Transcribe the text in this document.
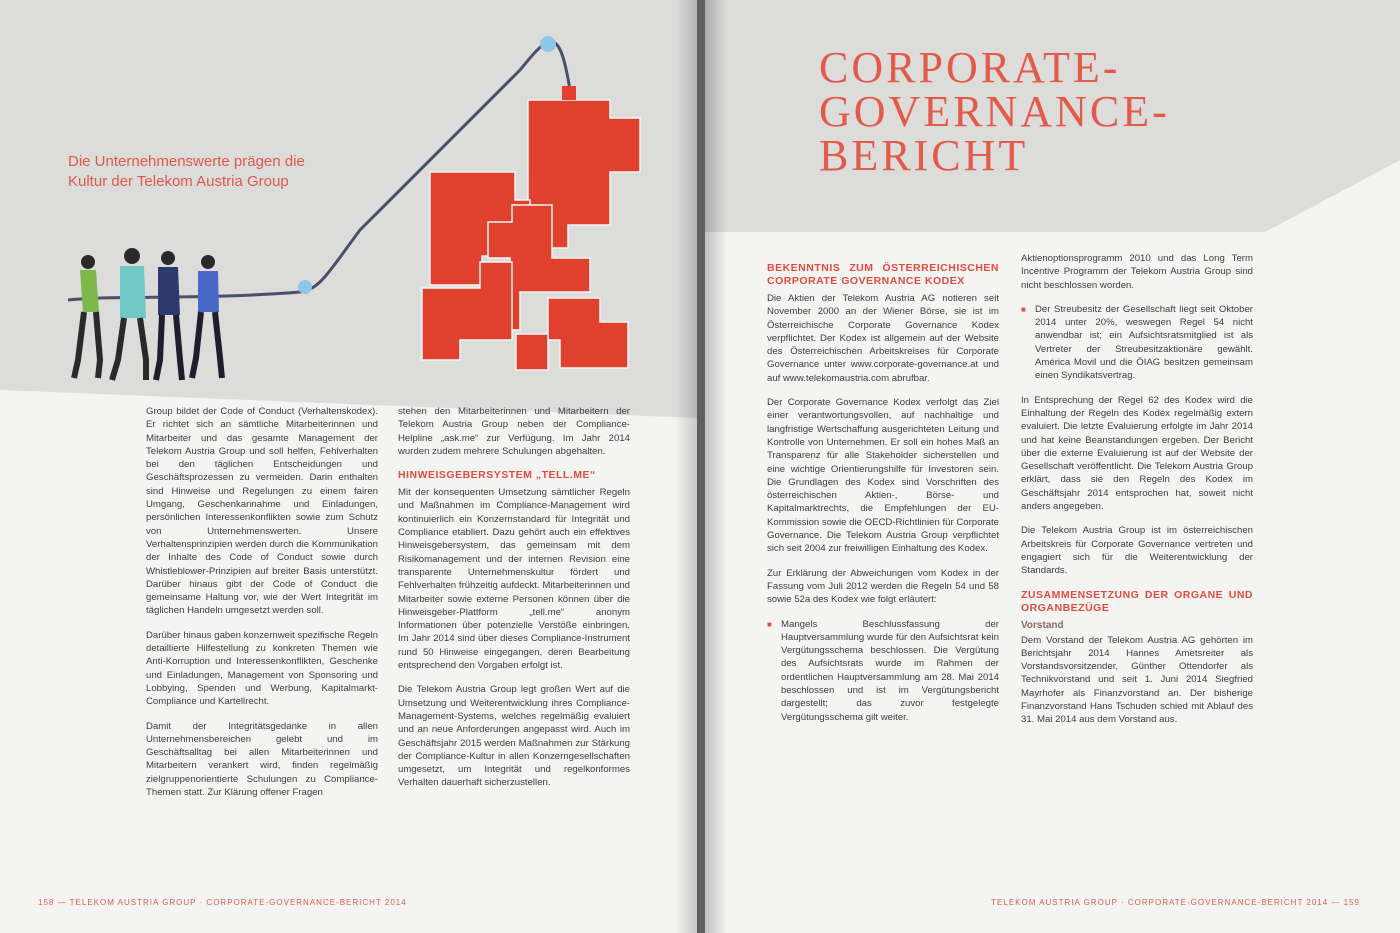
Die Unternehmenswerte prägen die Kultur der Telekom Austria Group

Group bildet der Code of Conduct (Verhaltenskodex). Er richtet sich an sämtliche Mitarbeiterinnen und Mitarbeiter und das gesamte Management der Telekom Austria Group und soll helfen, Fehlverhalten bei den täglichen Entscheidungen und Geschäftsprozessen zu vermeiden. Darin enthalten sind Hinweise und Regelungen zu einem fairen Umgang, Geschenkannahme und Einladungen, persönlichen Interessenkonflikten sowie zum Schutz von Unternehmenswerten. Unsere Verhaltensprinzipien werden durch die Kommunikation der Inhalte des Code of Conduct sowie durch Whistleblower-Prinzipien auf breiter Basis unterstützt. Darüber hinaus gibt der Code of Conduct die gemeinsame Haltung vor, wie der Wert Integrität im täglichen Handeln umgesetzt werden soll.

Darüber hinaus gaben konzernweit spezifische Regeln detaillierte Hilfestellung zu konkreten Themen wie Anti-Korruption und Interessenkonflikten, Geschenke und Einladungen, Management von Sponsoring und Lobbying, Spenden und Werbung, Kapitalmarkt-Compliance und Kartellrecht.

Damit der Integritätsgedanke in allen Unternehmensbereichen gelebt und im Geschäftsalltag bei allen Mitarbeiterinnen und Mitarbeitern verankert wird, finden regelmäßig zielgruppenorientierte Schulungen zu Compliance-Themen statt. Zur Klärung offener Fragen

stehen den Mitarbeiterinnen und Mitarbeitern der Telekom Austria Group neben der Compliance-Helpline „ask.me“ zur Verfügung. Im Jahr 2014 wurden zudem mehrere Schulungen abgehalten.

HINWEISGEBERSYSTEM „TELL.ME“

Mit der konsequenten Umsetzung sämtlicher Regeln und Maßnahmen im Compliance-Management wird kontinuierlich ein Konzernstandard für Integrität und Compliance etabliert. Dazu gehört auch ein effektives Hinweisgebersystem, das gemeinsam mit dem Risikomanagement und der internen Revision eine transparente Unternehmenskultur fördert und Fehlverhalten frühzeitig aufdeckt. Mitarbeiterinnen und Mitarbeiter sowie externe Personen können über die Hinweisgeber-Plattform „tell.me“ anonym Informationen über potenzielle Verstöße einbringen. Im Jahr 2014 sind über dieses Compliance-Instrument rund 50 Hinweise eingegangen, deren Bearbeitung entsprechend den Vorgaben erfolgt ist.

Die Telekom Austria Group legt großen Wert auf die Umsetzung und Weiterentwicklung ihres Compliance-Management-Systems, welches regelmäßig evaluiert und an neue Anforderungen angepasst wird. Auch im Geschäftsjahr 2015 werden Maßnahmen zur Stärkung der Compliance-Kultur in allen Konzerngesellschaften umgesetzt, um Integrität und regelkonformes Verhalten dauerhaft sicherzustellen.

158 — TELEKOM AUSTRIA GROUP · CORPORATE-GOVERNANCE-BERICHT 2014
CORPORATE-
GOVERNANCE-
BERICHT
BEKENNTNIS ZUM ÖSTERREICHISCHEN CORPORATE GOVERNANCE KODEX

Die Aktien der Telekom Austria AG notieren seit November 2000 an der Wiener Börse, sie ist im Österreichische Corporate Governance Kodex verpflichtet. Der Kodex ist allgemein auf der Website des Österreichischen Arbeitskreises für Corporate Governance unter www.corporate-governance.at und auf www.telekomaustria.com abrufbar.

Der Corporate Governance Kodex verfolgt das Ziel einer verantwortungsvollen, auf nachhaltige und langfristige Wertschaffung ausgerichteten Leitung und Kontrolle von Unternehmen. Er soll ein hohes Maß an Transparenz für alle Stakeholder sicherstellen und eine wichtige Orientierungshilfe für Investoren sein. Die Grundlagen des Kodex sind Vorschriften des österreichischen Aktien-, Börse- und Kapitalmarktrechts, die Empfehlungen der EU-Kommission sowie die OECD-Richtlinien für Corporate Governance. Die Telekom Austria Group verpflichtet sich seit 2004 zur freiwilligen Einhaltung des Kodex.

Zur Erklärung der Abweichungen vom Kodex in der Fassung vom Juli 2012 werden die Regeln 54 und 58 sowie 52a des Kodex wie folgt erläutert:

■ Mangels Beschlussfassung der Hauptversammlung wurde für den Aufsichtsrat kein Vergütungsschema beschlossen. Die Vergütung des Aufsichtsrats wurde im Rahmen der ordentlichen Hauptversammlung am 28. Mai 2014 beschlossen und ist im Vergütungsbericht dargestellt; das zuvor festgelegte Vergütungsschema gilt weiter.

Aktienoptionsprogramm 2010 und das Long Term Incentive Programm der Telekom Austria Group sind nicht beschlossen worden.

■ Der Streubesitz der Gesellschaft liegt seit Oktober 2014 unter 20%, weswegen Regel 54 nicht anwendbar ist; ein Aufsichtsratsmitglied ist als Vertreter der Streubesitzaktionäre gewählt. América Movil und die ÖIAG besitzen gemeinsam einen Syndikatsvertrag.

In Entsprechung der Regel 62 des Kodex wird die Einhaltung der Regeln des Kodex regelmäßig extern evaluiert. Die letzte Evaluierung erfolgte im Jahr 2014 und hat keine Beanstandungen ergeben. Der Bericht über die externe Evaluierung ist auf der Website der Gesellschaft veröffentlicht. Die Telekom Austria Group erklärt, dass sie den Regeln des Kodex im Geschäftsjahr 2014 entsprochen hat, soweit nicht anders angegeben.

Die Telekom Austria Group ist im österreichischen Arbeitskreis für Corporate Governance vertreten und engagiert sich für die Weiterentwicklung der Standards.

ZUSAMMENSETZUNG DER ORGANE UND ORGANBEZÜGE
Vorstand

Dem Vorstand der Telekom Austria AG gehörten im Berichtsjahr 2014 Hannes Ametsreiter als Vorstandsvorsitzender, Günther Ottendorfer als Technikvorstand und seit 1. Juni 2014 Siegfried Mayrhofer als Finanzvorstand an. Der bisherige Finanzvorstand Hans Tschuden schied mit Ablauf des 31. Mai 2014 aus dem Vorstand aus.

TELEKOM AUSTRIA GROUP · CORPORATE-GOVERNANCE-BERICHT 2014 — 159
